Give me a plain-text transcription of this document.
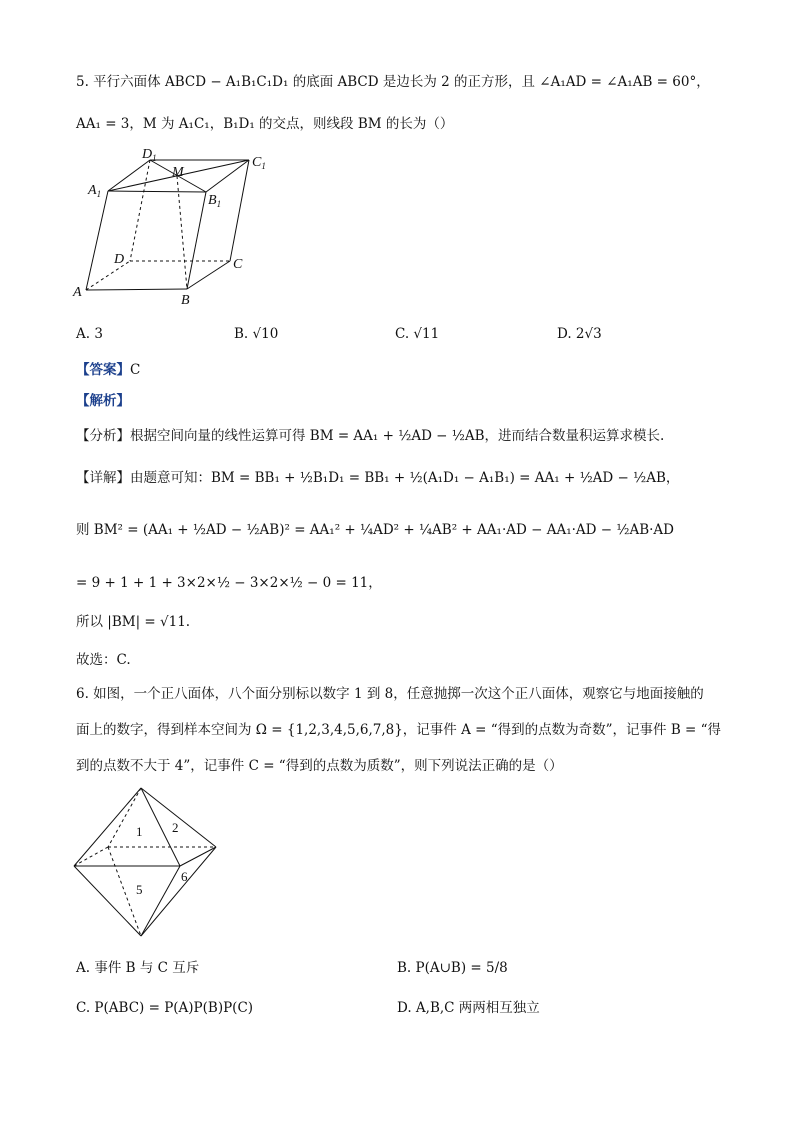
5. 平行六面体 ABCD − A₁B₁C₁D₁ 的底面 ABCD 是边长为 2 的正方形，且 ∠A₁AD = ∠A₁AB = 60°，
AA₁ = 3，M 为 A₁C₁，B₁D₁ 的交点，则线段 BM 的长为（）
$D_1$	$C_1$
M
$A_1$	$B_1$
D	C
A
B
A. 3	B. √10	C. √11	D. 2√3
【答案】C
【解析】
【分析】根据空间向量的线性运算可得 BM = AA₁ + ½AD − ½AB，进而结合数量积运算求模长.
【详解】由题意可知：BM = BB₁ + ½B₁D₁ = BB₁ + ½(A₁D₁ − A₁B₁) = AA₁ + ½AD − ½AB，
则 BM² = (AA₁ + ½AD − ½AB)² = AA₁² + ¼AD² + ¼AB² + AA₁·AD − AA₁·AD − ½AB·AD
= 9 + 1 + 1 + 3×2×½ − 3×2×½ − 0 = 11，
所以 |BM| = √11.
故选：C.
6. 如图，一个正八面体，八个面分别标以数字 1 到 8，任意抛掷一次这个正八面体，观察它与地面接触的
面上的数字，得到样本空间为 Ω = {1,2,3,4,5,6,7,8}，记事件 A = “得到的点数为奇数”，记事件 B = “得
到的点数不大于 4”，记事件 C = “得到的点数为质数”，则下列说法正确的是（）
1 2
5
6
A. 事件 B 与 C 互斥	B. P(A∪B) = 5/8
C. P(ABC) = P(A)P(B)P(C)	D. A,B,C 两两相互独立
